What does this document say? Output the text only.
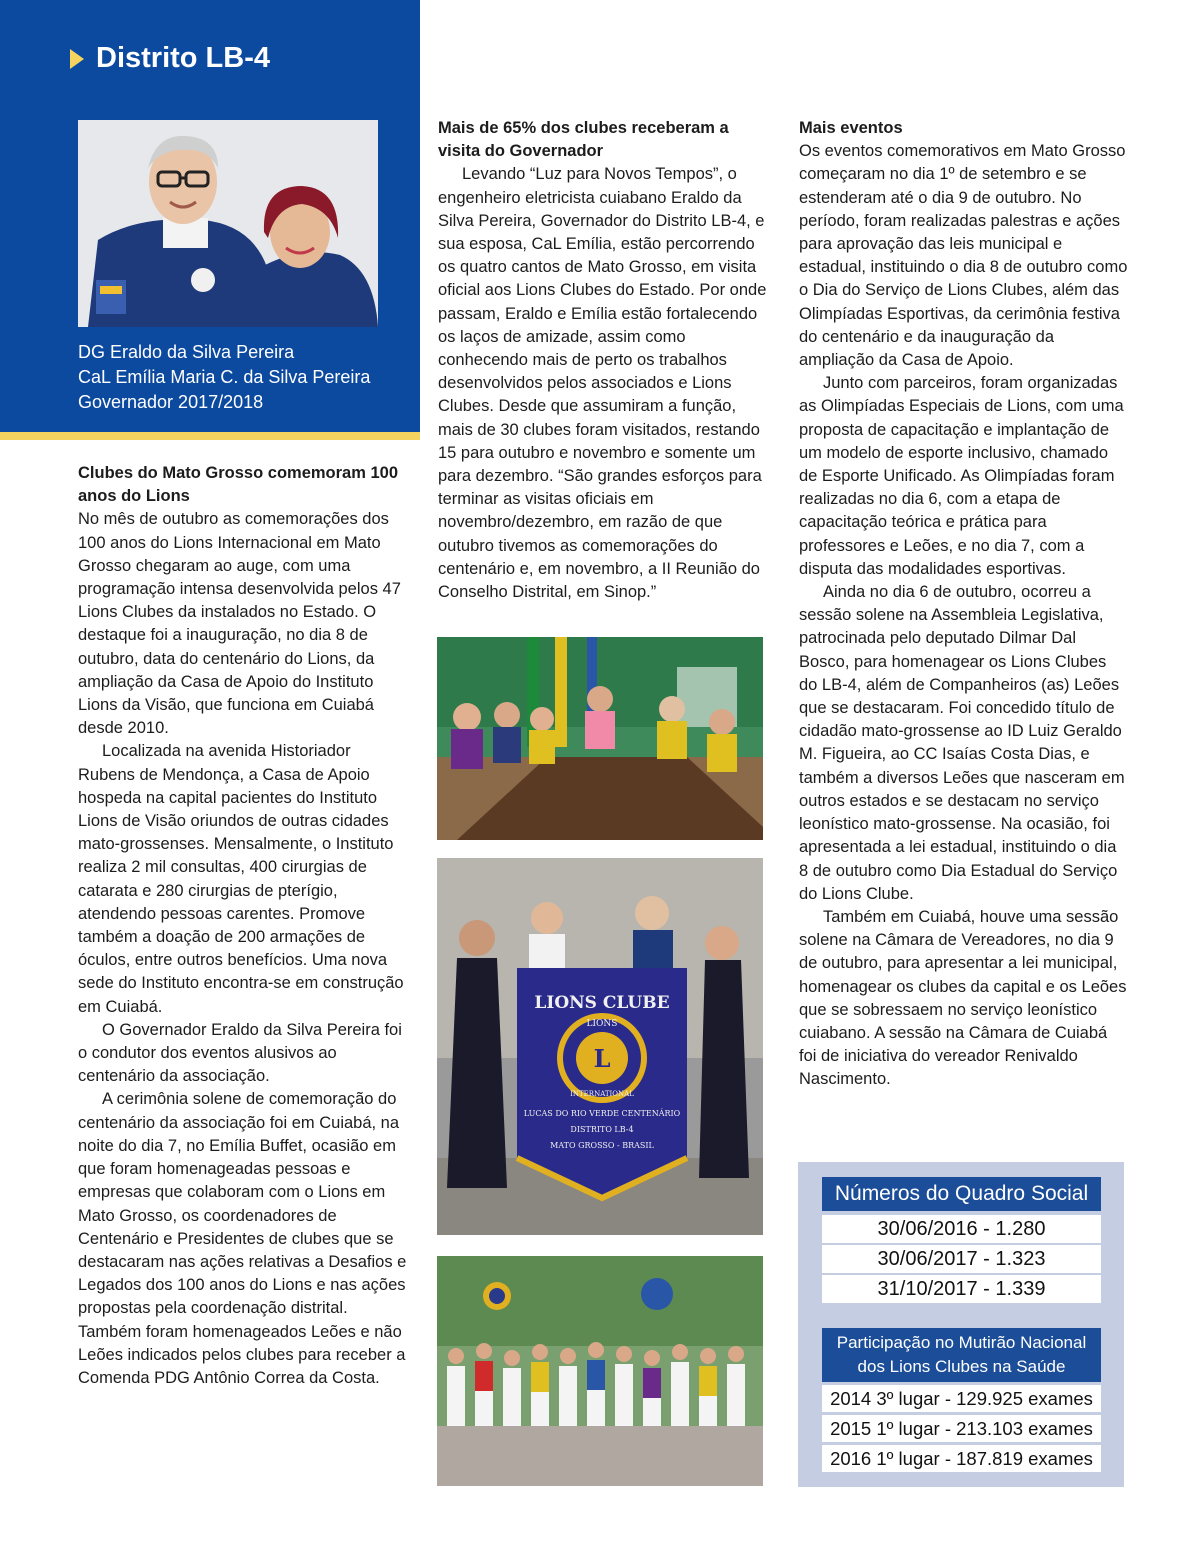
Distrito LB-4
DG Eraldo da Silva Pereira
CaL Emília Maria C. da Silva Pereira
Governador 2017/2018
Clubes do Mato Grosso comemoram 100 anos do Lions

No mês de outubro as comemorações dos 100 anos do Lions Internacional em Mato Grosso chegaram ao auge, com uma programação intensa desenvolvida pelos 47 Lions Clubes da instalados no Estado. O destaque foi a inauguração, no dia 8 de outubro, data do centenário do Lions, da ampliação da Casa de Apoio do Instituto Lions da Visão, que funciona em Cuiabá desde 2010.

Localizada na avenida Historiador Rubens de Mendonça, a Casa de Apoio hospeda na capital pacientes do Instituto Lions de Visão oriundos de outras cidades mato-grossenses. Mensalmente, o Instituto realiza 2 mil consultas, 400 cirurgias de catarata e 280 cirurgias de pterígio, atendendo pessoas carentes. Promove também a doação de 200 armações de óculos, entre outros benefícios. Uma nova sede do Instituto encontra-se em construção em Cuiabá.

O Governador Eraldo da Silva Pereira foi o condutor dos eventos alusivos ao centenário da associação.

A cerimônia solene de comemoração do centenário da associação foi em Cuiabá, na noite do dia 7, no Emília Buffet, ocasião em que foram homenageadas pessoas e empresas que colaboram com o Lions em Mato Grosso, os coordenadores de Centenário e Presidentes de clubes que se destacaram nas ações relativas a Desafios e Legados dos 100 anos do Lions e nas ações propostas pela coordenação distrital. Também foram homenageados Leões e não Leões indicados pelos clubes para receber a Comenda PDG Antônio Correa da Costa.

Mais de 65% dos clubes receberam a visita do Governador

Levando “Luz para Novos Tempos”, o engenheiro eletricista cuiabano Eraldo da Silva Pereira, Governador do Distrito LB-4, e sua esposa, CaL Emília, estão percorrendo os quatro cantos de Mato Grosso, em visita oficial aos Lions Clubes do Estado. Por onde passam, Eraldo e Emília estão fortalecendo os laços de amizade, assim como conhecendo mais de perto os trabalhos desenvolvidos pelos associados e Lions Clubes. Desde que assumiram a função, mais de 30 clubes foram visitados, restando 15 para outubro e novembro e somente um para dezembro. “São grandes esforços para terminar as visitas oficiais em novembro/dezembro, em razão de que outubro tivemos as comemorações do centenário e, em novembro, a II Reunião do Conselho Distrital, em Sinop.”

LIONS CLUBE
LIONS
L
INTERNATIONAL
LUCAS DO RIO VERDE CENTENÁRIO
DISTRITO LB-4
MATO GROSSO - BRASIL
Mais eventos

Os eventos comemorativos em Mato Grosso começaram no dia 1º de setembro e se estenderam até o dia 9 de outubro. No período, foram realizadas palestras e ações para aprovação das leis municipal e estadual, instituindo o dia 8 de outubro como o Dia do Serviço de Lions Clubes, além das Olimpíadas Esportivas, da cerimônia festiva do centenário e da inauguração da ampliação da Casa de Apoio.

Junto com parceiros, foram organizadas as Olimpíadas Especiais de Lions, com uma proposta de capacitação e implantação de um modelo de esporte inclusivo, chamado de Esporte Unificado. As Olimpíadas foram realizadas no dia 6, com a etapa de capacitação teórica e prática para professores e Leões, e no dia 7, com a disputa das modalidades esportivas.

Ainda no dia 6 de outubro, ocorreu a sessão solene na Assembleia Legislativa, patrocinada pelo deputado Dilmar Dal Bosco, para homenagear os Lions Clubes do LB-4, além de Companheiros (as) Leões que se destacaram. Foi concedido título de cidadão mato-grossense ao ID Luiz Geraldo M. Figueira, ao CC Isaías Costa Dias, e também a diversos Leões que nasceram em outros estados e se destacam no serviço leonístico mato-grossense. Na ocasião, foi apresentada a lei estadual, instituindo o dia 8 de outubro como Dia Estadual do Serviço do Lions Clube.

Também em Cuiabá, houve uma sessão solene na Câmara de Vereadores, no dia 9 de outubro, para apresentar a lei municipal, homenagear os clubes da capital e os Leões que se sobressaem no serviço leonístico cuiabano. A sessão na Câmara de Cuiabá foi de iniciativa do vereador Renivaldo Nascimento.

Números do Quadro Social
30/06/2016 - 1.280
30/06/2017 - 1.323
31/10/2017 - 1.339
Participação no Mutirão Nacional
dos Lions Clubes na Saúde
2014 3º lugar - 129.925 exames
2015 1º lugar - 213.103 exames
2016 1º lugar - 187.819 exames
